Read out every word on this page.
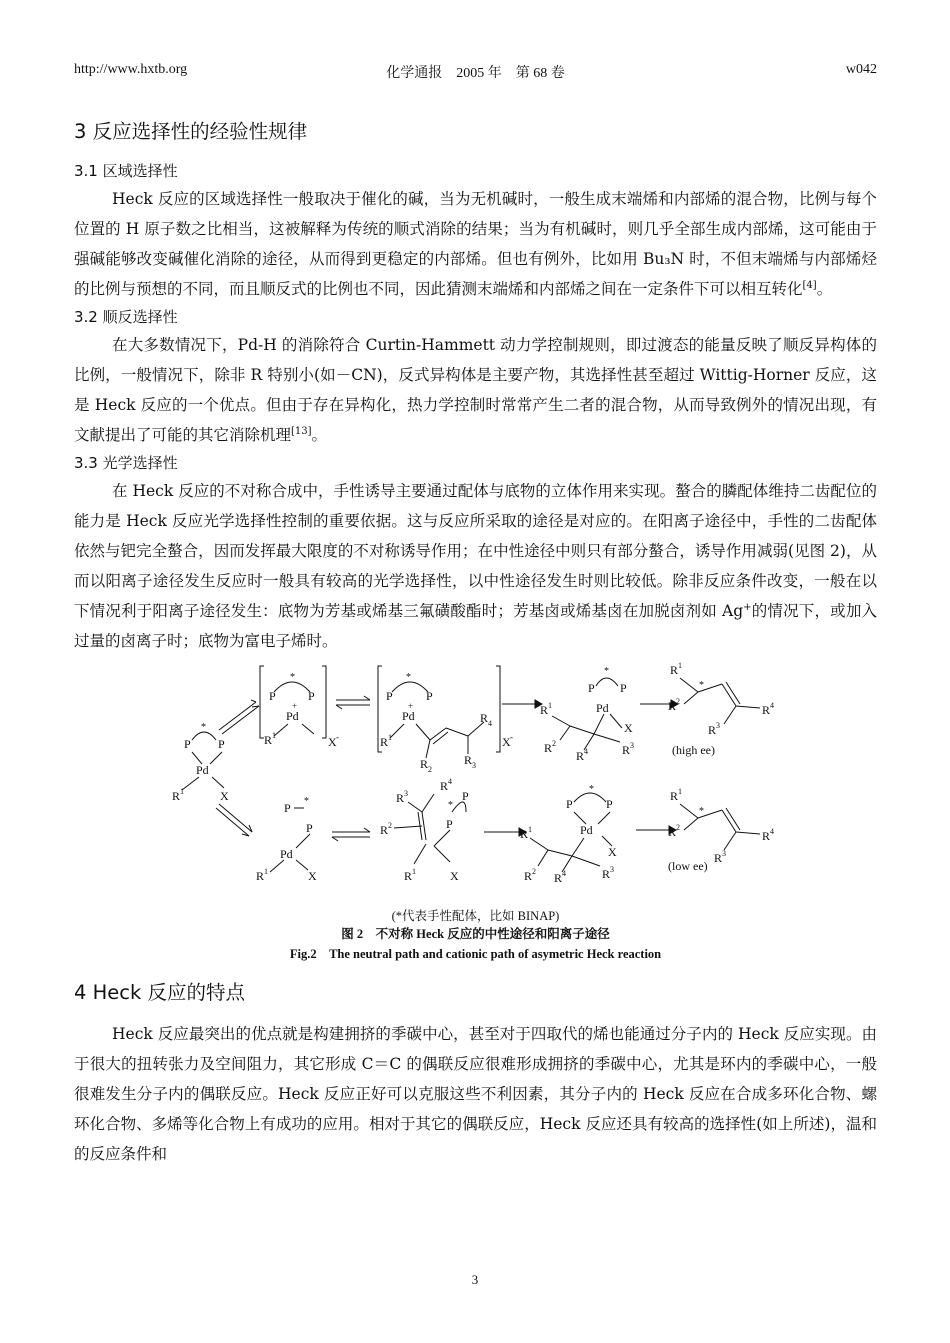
http://www.hxtb.org	化学通报　2005 年　第 68 卷	w042
3 反应选择性的经验性规律
3.1 区域选择性

Heck 反应的区域选择性一般取决于催化的碱，当为无机碱时，一般生成末端烯和内部烯的混合物，比例与每个位置的 H 原子数之比相当，这被解释为传统的顺式消除的结果；当为有机碱时，则几乎全部生成内部烯，这可能由于强碱能够改变碱催化消除的途径，从而得到更稳定的内部烯。但也有例外，比如用 Bu₃N 时，不但末端烯与内部烯烃的比例与预想的不同，而且顺反式的比例也不同，因此猜测末端烯和内部烯之间在一定条件下可以相互转化[4]。

3.2 顺反选择性

在大多数情况下，Pd-H 的消除符合 Curtin-Hammett 动力学控制规则，即过渡态的能量反映了顺反异构体的比例，一般情况下，除非 R 特别小(如－CN)，反式异构体是主要产物，其选择性甚至超过 Wittig-Horner 反应，这是 Heck 反应的一个优点。但由于存在异构化，热力学控制时常常产生二者的混合物，从而导致例外的情况出现，有文献提出了可能的其它消除机理[13]。

3.3 光学选择性

在 Heck 反应的不对称合成中，手性诱导主要通过配体与底物的立体作用来实现。螯合的膦配体维持二齿配位的能力是 Heck 反应光学选择性控制的重要依据。这与反应所采取的途径是对应的。在阳离子途径中，手性的二齿配体依然与钯完全螯合，因而发挥最大限度的不对称诱导作用；在中性途径中则只有部分螯合，诱导作用减弱(见图 2)，从而以阳离子途径发生反应时一般具有较高的光学选择性，以中性途径发生时则比较低。除非反应条件改变，一般在以下情况利于阳离子途径发生：底物为芳基或烯基三氟磺酸酯时；芳基卤或烯基卤在加脱卤剂如 Ag+的情况下，或加入过量的卤离子时；底物为富电子烯时。

*
P P
Pd
R 1	X
*
P	P
Pd
+
R 1	X -
*
P	P
Pd
+
R 1
R 4
R 2
R 3
X -
*
P P
Pd
X
R 1
R 2
R 4	R 3
R 1
*
R 2
R 4
R 3
(high ee)
P *
P
Pd
R 1	X
R 3
R 4
R 2
*
P
P
R 1	X
*
P	P
Pd
X
R 1
R 2 R 4	R 3
R 1
*
R 2
R 4
(low ee)
R 3
(*代表手性配体，比如 BINAP)
图 2　不对称 Heck 反应的中性途径和阳离子途径
Fig.2　The neutral path and cationic path of asymetric Heck reaction
4 Heck 反应的特点

Heck 反应最突出的优点就是构建拥挤的季碳中心，甚至对于四取代的烯也能通过分子内的 Heck 反应实现。由于很大的扭转张力及空间阻力，其它形成 C＝C 的偶联反应很难形成拥挤的季碳中心，尤其是环内的季碳中心，一般很难发生分子内的偶联反应。Heck 反应正好可以克服这些不利因素，其分子内的 Heck 反应在合成多环化合物、螺环化合物、多烯等化合物上有成功的应用。相对于其它的偶联反应，Heck 反应还具有较高的选择性(如上所述)，温和的反应条件和

3
